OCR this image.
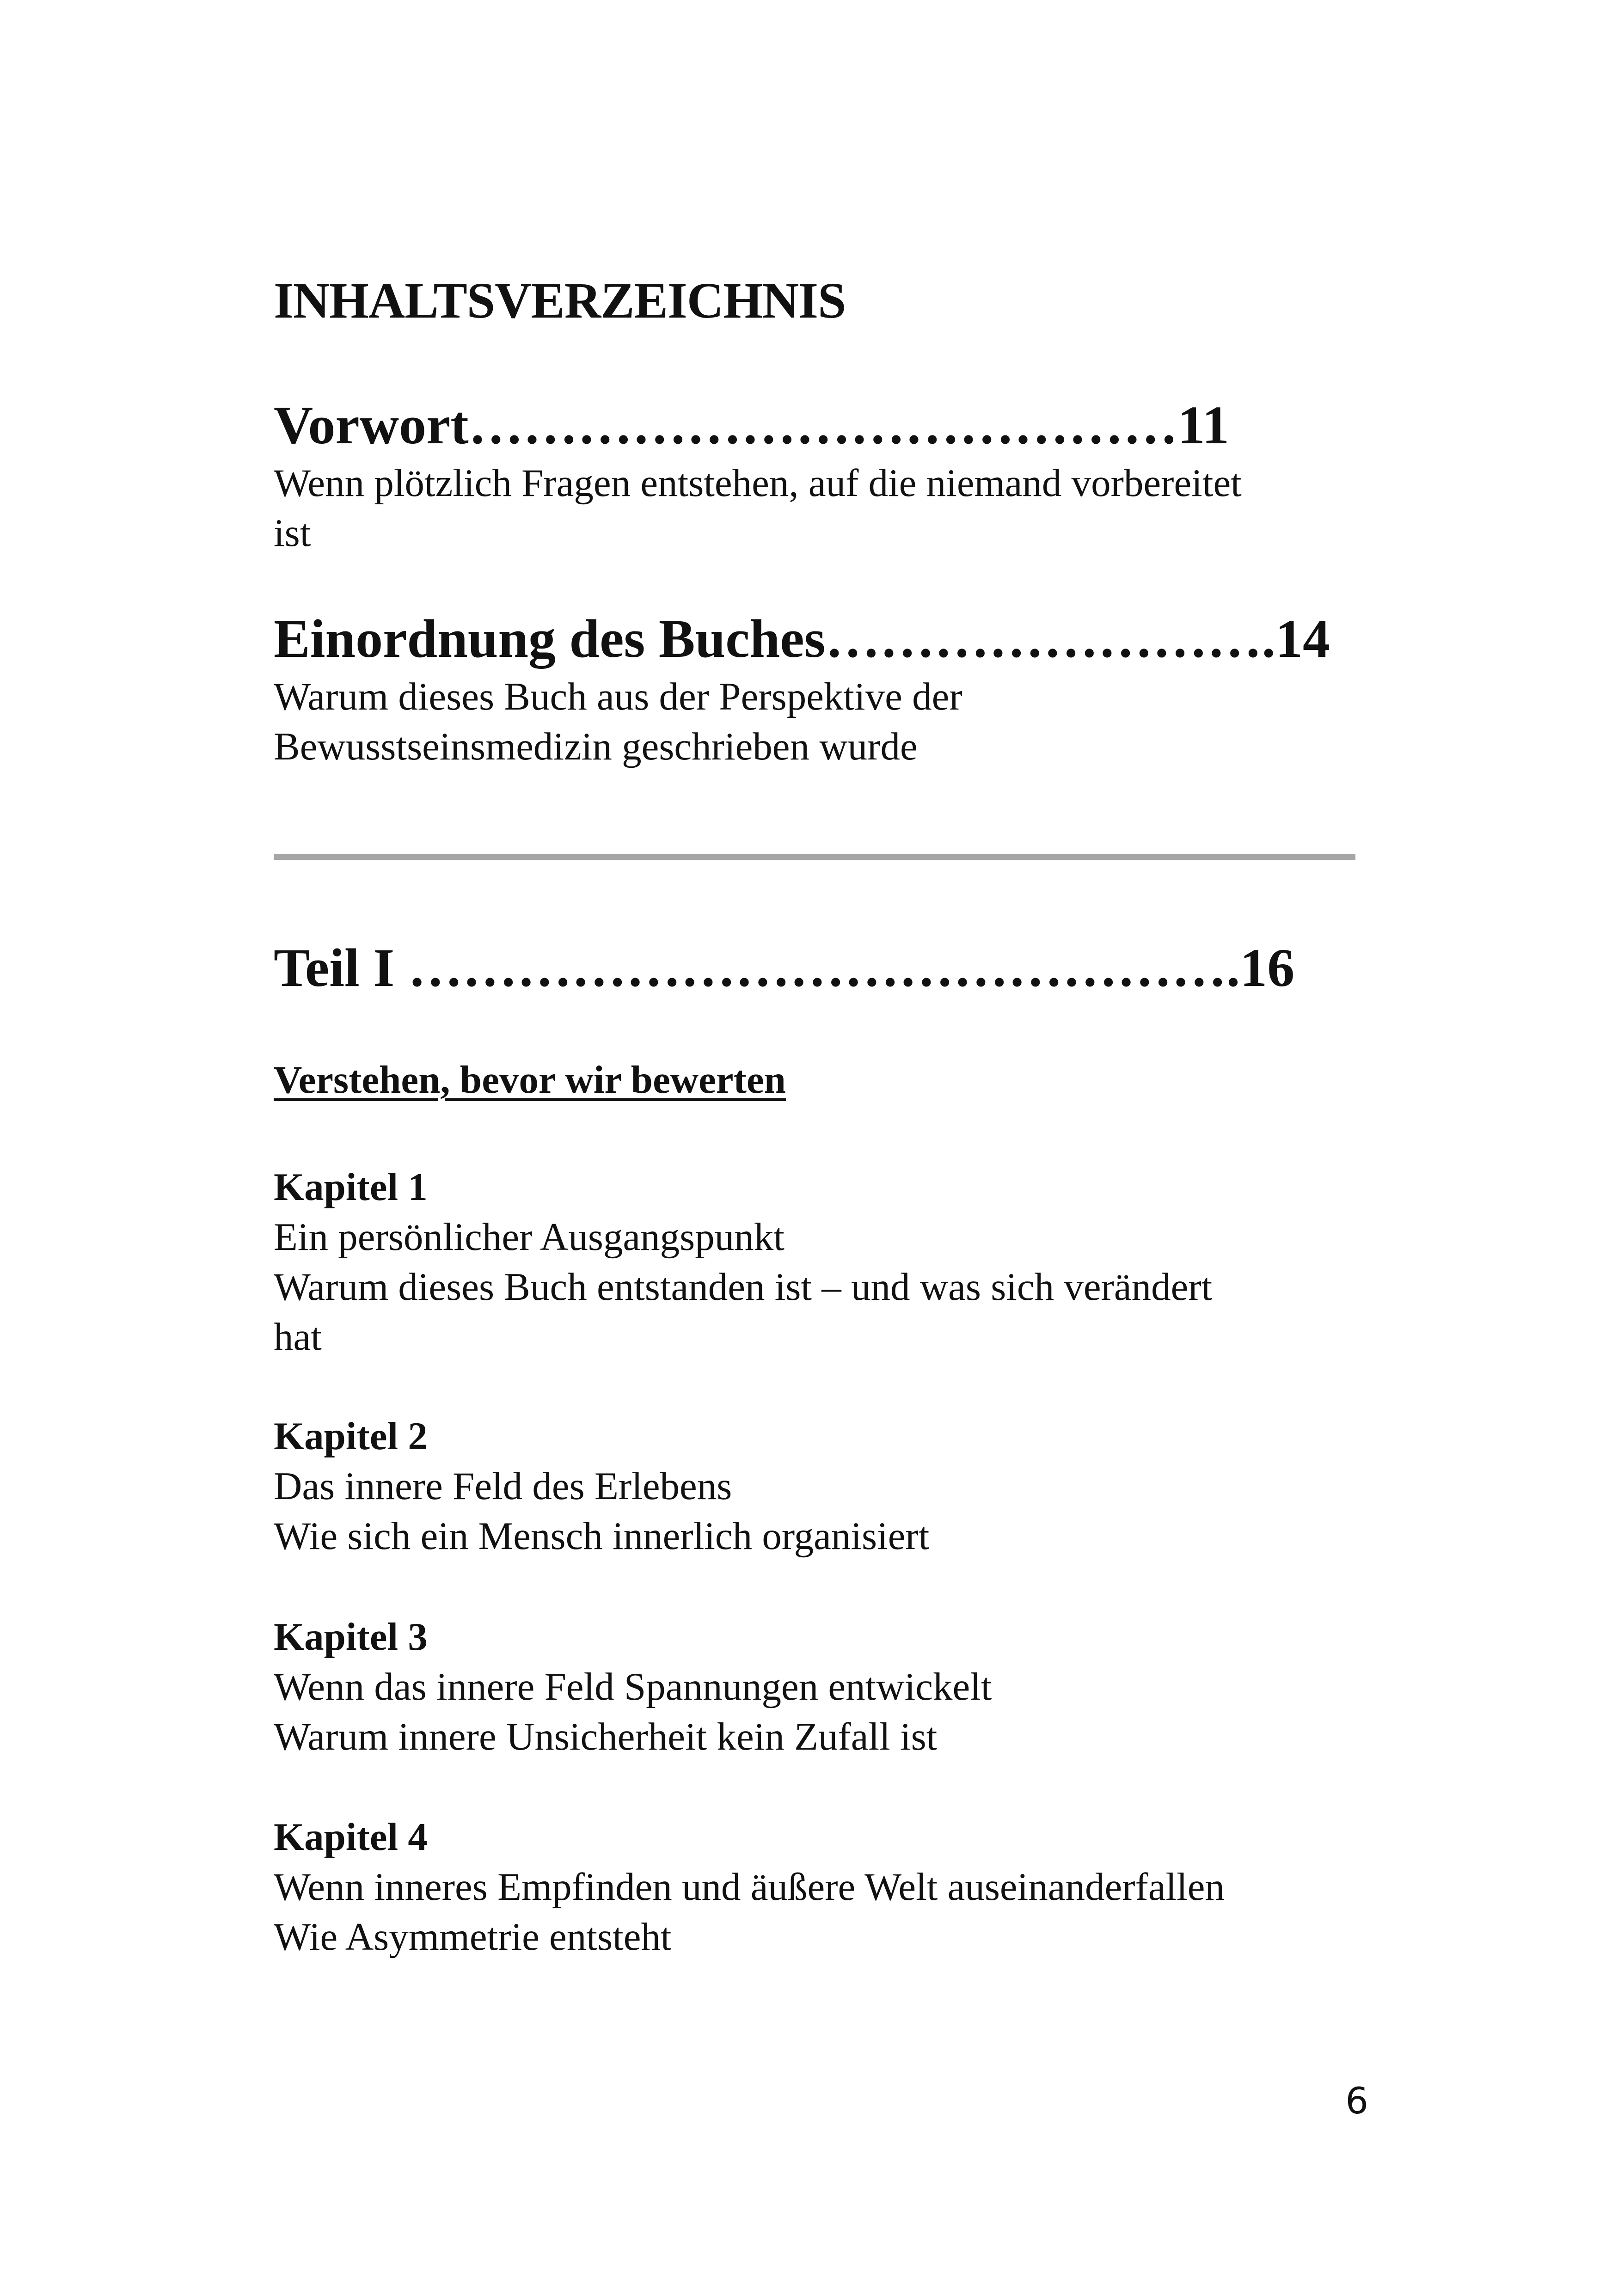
INHALTSVERZEICHNIS
Vorwort…………………………………11
Wenn plötzlich Fragen entstehen, auf die niemand vorbereitet
ist
Einordnung des Buches…………………….14
Warum dieses Buch aus der Perspektive der
Bewusstseinsmedizin geschrieben wurde
Teil I ……………………………………….16
Verstehen, bevor wir bewerten
Kapitel 1
Ein persönlicher Ausgangspunkt
Warum dieses Buch entstanden ist – und was sich verändert
hat
Kapitel 2
Das innere Feld des Erlebens
Wie sich ein Mensch innerlich organisiert
Kapitel 3
Wenn das innere Feld Spannungen entwickelt
Warum innere Unsicherheit kein Zufall ist
Kapitel 4
Wenn inneres Empfinden und äußere Welt auseinanderfallen
Wie Asymmetrie entsteht
6
